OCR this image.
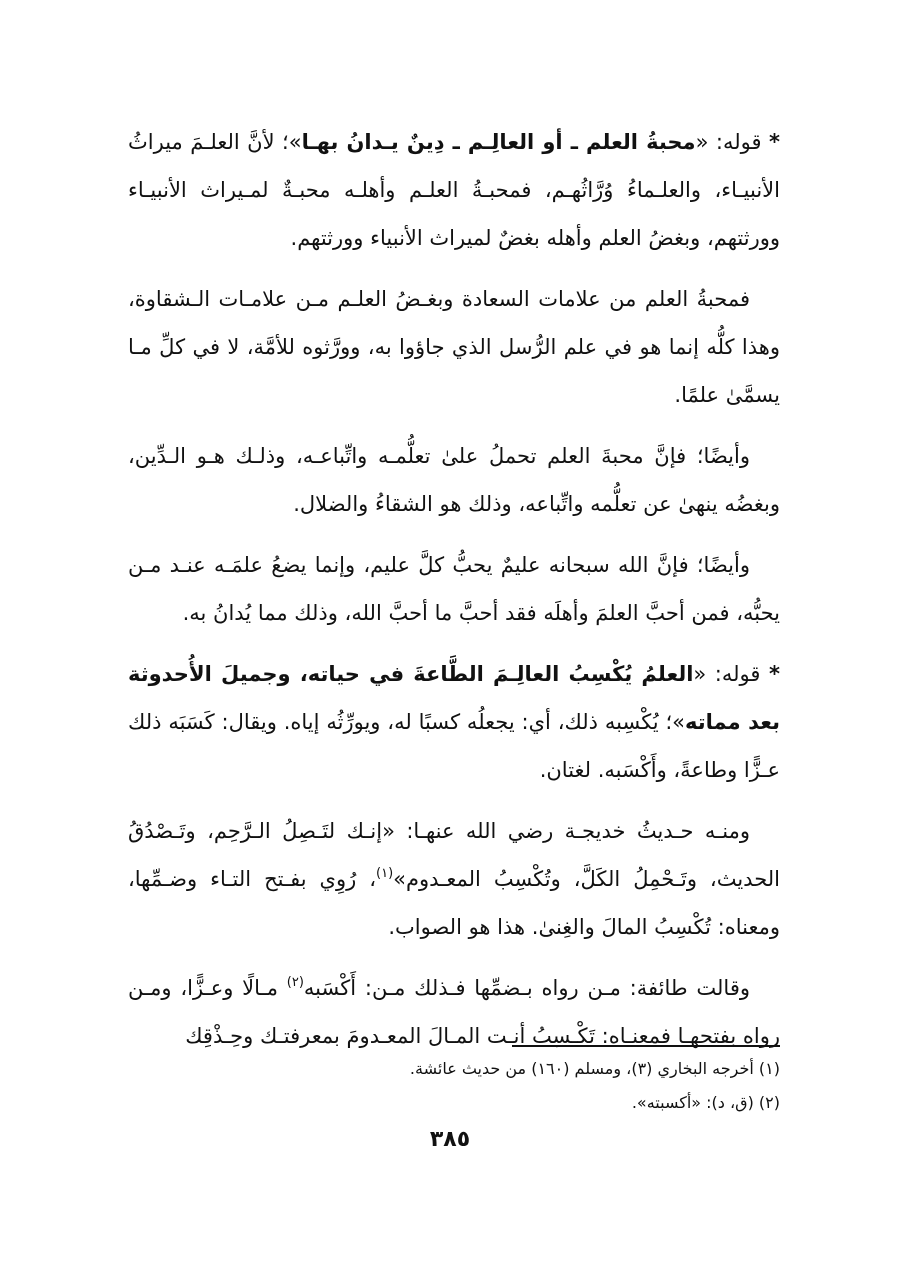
* قوله: «محبةُ العلم ـ أو العالِـم ـ دِينٌ يـدانُ بهـا»؛ لأنَّ العلـمَ ميراثُ الأنبيـاء، والعلـماءُ وُرَّاثُهـم، فمحبـةُ العلـم وأهلـه محبـةٌ لمـيراث الأنبيـاء وورثتهم، وبغضُ العلم وأهله بغضٌ لميراث الأنبياء وورثتهم.

فمحبةُ العلم من علامات السعادة وبغـضُ العلـم مـن علامـات الـشقاوة، وهذا كلُّه إنما هو في علم الرُّسل الذي جاؤوا به، وورَّثوه للأمَّة، لا في كلِّ مـا يسمَّىٰ علمًا.

وأيضًا؛ فإنَّ محبةَ العلم تحملُ علىٰ تعلُّمـه واتِّباعـه، وذلـك هـو الـدِّين، وبغضُه ينهىٰ عن تعلُّمه واتِّباعه، وذلك هو الشقاءُ والضلال.

وأيضًا؛ فإنَّ الله سبحانه عليمٌ يحبُّ كلَّ عليم، وإنما يضعُ علمَـه عنـد مـن يحبُّه، فمن أحبَّ العلمَ وأهلَه فقد أحبَّ ما أحبَّ الله، وذلك مما يُدانُ به.

* قوله: «العلمُ يُكْسِبُ العالِـمَ الطَّاعةَ في حياته، وجميلَ الأُحدوثة بعد مماته»؛ يُكْسِبه ذلك، أي: يجعلُه كسبًا له، ويورِّثُه إياه. ويقال: كَسَبَه ذلك عـزًّا وطاعةً، وأَكْسَبه. لغتان.

ومنـه حـديثُ خديجـة رضي الله عنهـا: «إنـك لتَـصِلُ الـرَّحِم، وتَـصْدُقُ الحديث، وتَـحْمِلُ الكَلَّ، وتُكْسِبُ المعـدوم»$^{(١)}$، رُوِي بفـتح التـاء وضـمِّها، ومعناه: تُكْسِبُ المالَ والغِنىٰ. هذا هو الصواب.

وقالت طائفة: مـن رواه بـضمِّها فـذلك مـن: أَكْسَبه$^{(٢)}$ مـالًا وعـزًّا، ومـن رواه بفتحهـا فمعنـاه: تَكْـسِبُ أنـت المـالَ المعـدومَ بمعرفتـك وحِـذْقِك

(١) أخرجه البخاري (٣)، ومسلم (١٦٠) من حديث عائشة.

(٢) (ق، د): «أكسبته».

٣٨٥
